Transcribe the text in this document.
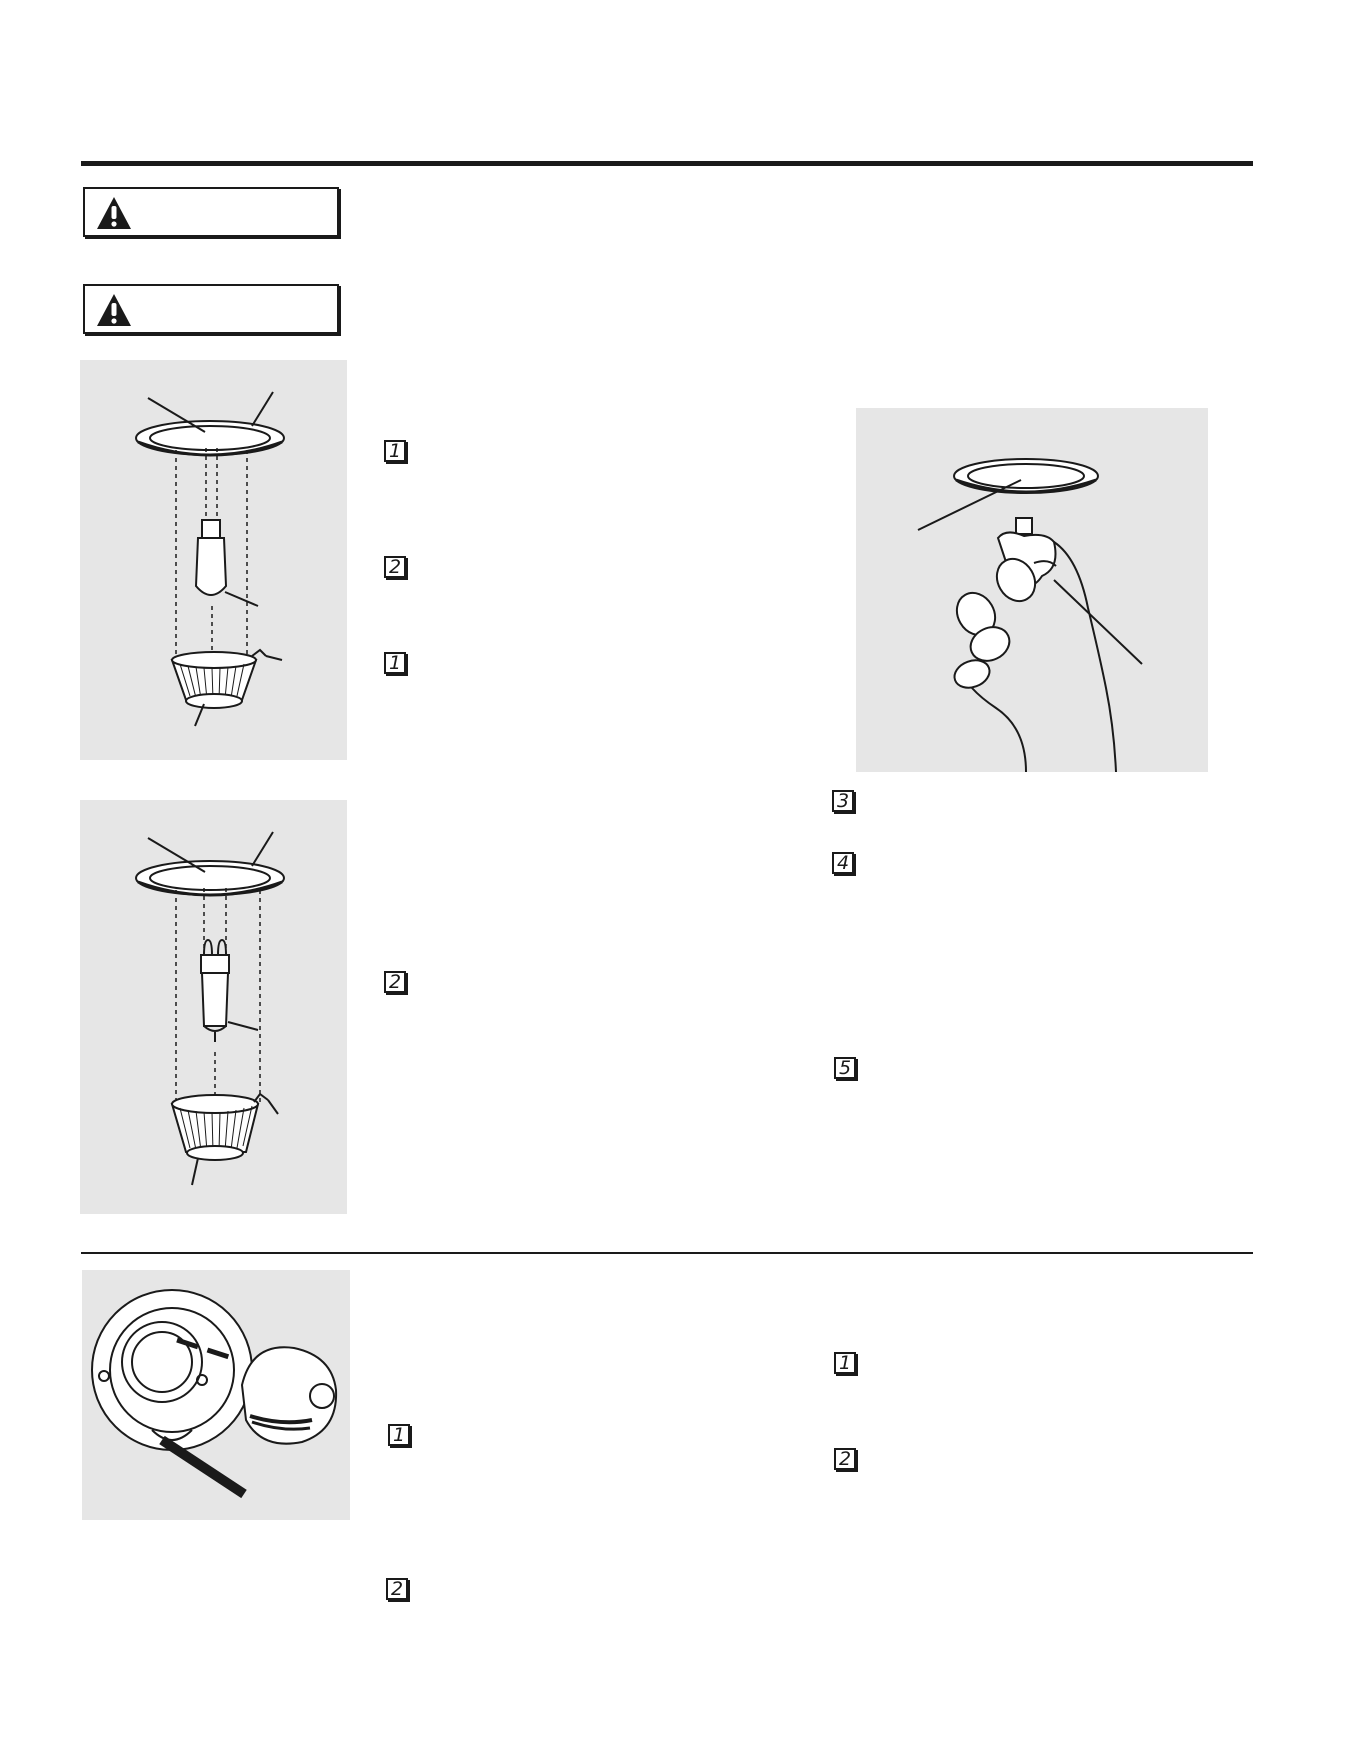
1
2
1
2
3
4
5
1
2
1
2
